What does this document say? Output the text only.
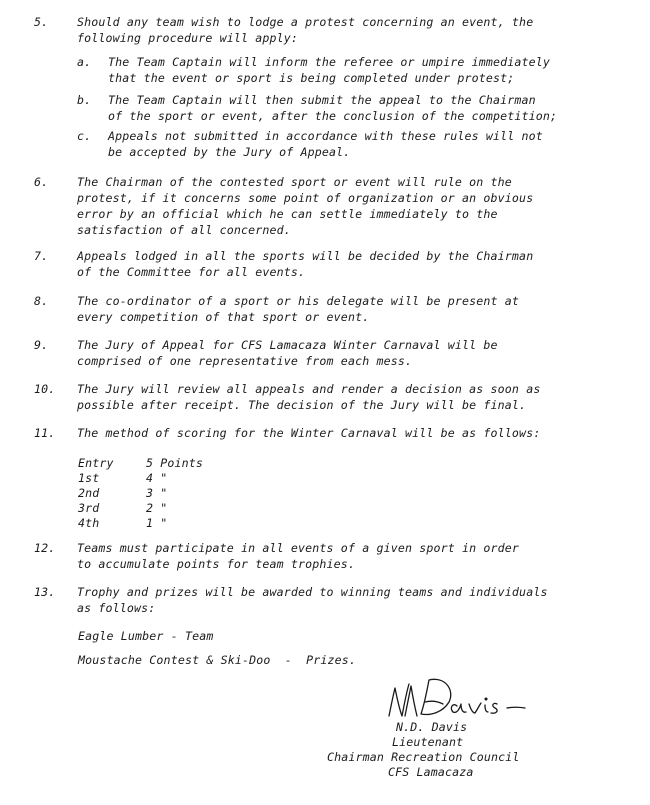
5.	Should any team wish to lodge a protest concerning an event, the
following procedure will apply:
a.	The Team Captain will inform the referee or umpire immediately
that the event or sport is being completed under protest;
b.	The Team Captain will then submit the appeal to the Chairman
of the sport or event, after the conclusion of the competition;
c.	Appeals not submitted in accordance with these rules will not
be accepted by the Jury of Appeal.
6.	The Chairman of the contested sport or event will rule on the
protest, if it concerns some point of organization or an obvious
error by an official which he can settle immediately to the
satisfaction of all concerned.
7.	Appeals lodged in all the sports will be decided by the Chairman
of the Committee for all events.
8.	The co-ordinator of a sport or his delegate will be present at
every competition of that sport or event.
9.	The Jury of Appeal for CFS Lamacaza Winter Carnaval will be
comprised of one representative from each mess.
10.	The Jury will review all appeals and render a decision as soon as
possible after receipt. The decision of the Jury will be final.
11.	The method of scoring for the Winter Carnaval will be as follows:
Entry	5 Points
1st	4 "
2nd	3 "
3rd	2 "
4th	1 "
12.	Teams must participate in all events of a given sport in order
to accumulate points for team trophies.
13.	Trophy and prizes will be awarded to winning teams and individuals
as follows:
Eagle Lumber - Team
Moustache Contest & Ski-Doo  -  Prizes.
N.D. Davis
Lieutenant
Chairman Recreation Council
CFS Lamacaza
